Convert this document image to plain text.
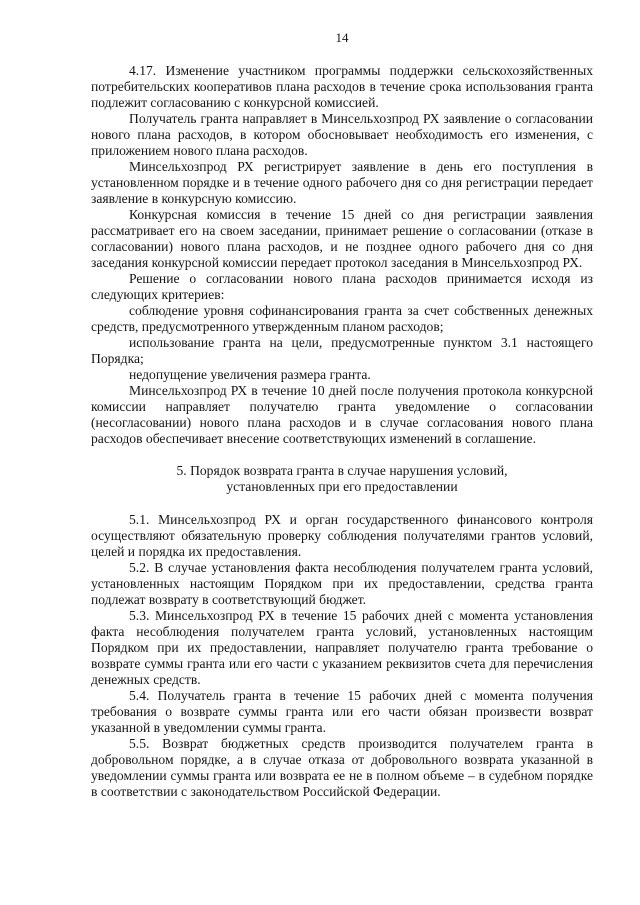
14

4.17. Изменение участником программы поддержки сельскохозяйственных потребительских кооперативов плана расходов в течение срока использования гранта подлежит согласованию с конкурсной комиссией.

Получатель гранта направляет в Минсельхозпрод РХ заявление о согласовании нового плана расходов, в котором обосновывает необходимость его изменения, с приложением нового плана расходов.

Минсельхозпрод РХ регистрирует заявление в день его поступления в установленном порядке и в течение одного рабочего дня со дня регистрации передает заявление в конкурсную комиссию.

Конкурсная комиссия в течение 15 дней со дня регистрации заявления рассматривает его на своем заседании, принимает решение о согласовании (отказе в согласовании) нового плана расходов, и не позднее одного рабочего дня со дня заседания конкурсной комиссии передает протокол заседания в Минсельхозпрод РХ.

Решение о согласовании нового плана расходов принимается исходя из следующих критериев:

соблюдение уровня софинансирования гранта за счет собственных денежных средств, предусмотренного утвержденным планом расходов;

использование гранта на цели, предусмотренные пунктом 3.1 настоящего Порядка;

недопущение увеличения размера гранта.

Минсельхозпрод РХ в течение 10 дней после получения протокола конкурсной комиссии направляет получателю гранта уведомление о согласовании (несогласовании) нового плана расходов и в случае согласования нового плана расходов обеспечивает внесение соответствующих изменений в соглашение.

5. Порядок возврата гранта в случае нарушения условий,
установленных при его предоставлении

5.1. Минсельхозпрод РХ и орган государственного финансового контроля осуществляют обязательную проверку соблюдения получателями грантов условий, целей и порядка их предоставления.

5.2. В случае установления факта несоблюдения получателем гранта условий, установленных настоящим Порядком при их предоставлении, средства гранта подлежат возврату в соответствующий бюджет.

5.3. Минсельхозпрод РХ в течение 15 рабочих дней с момента установления факта несоблюдения получателем гранта условий, установленных настоящим Порядком при их предоставлении, направляет получателю гранта требование о возврате суммы гранта или его части с указанием реквизитов счета для перечисления денежных средств.

5.4. Получатель гранта в течение 15 рабочих дней с момента получения требования о возврате суммы гранта или его части обязан произвести возврат указанной в уведомлении суммы гранта.

5.5. Возврат бюджетных средств производится получателем гранта в добровольном порядке, а в случае отказа от добровольного возврата указанной в уведомлении суммы гранта или возврата ее не в полном объеме – в судебном порядке в соответствии с законодательством Российской Федерации.
